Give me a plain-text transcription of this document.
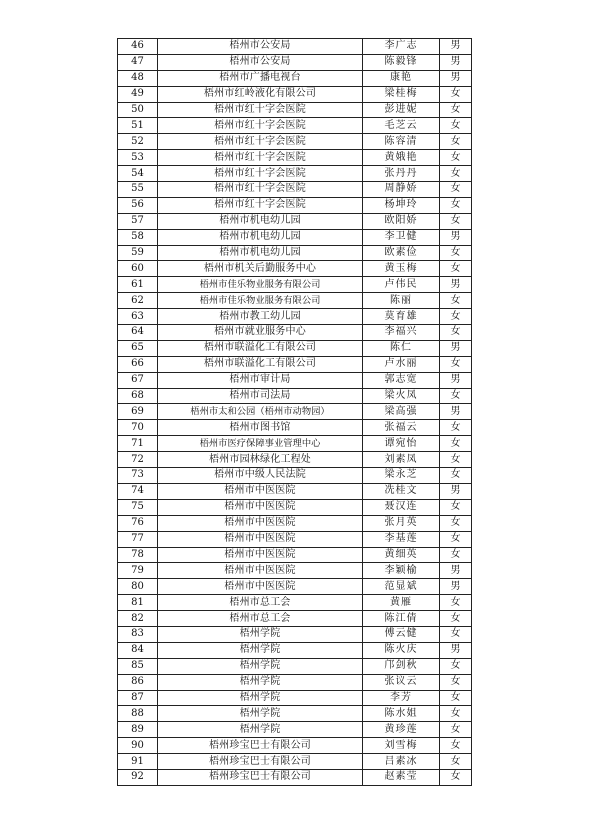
46	梧州市公安局	李广志	男
47	梧州市公安局	陈毅锋	男
48	梧州市广播电视台	康艳	男
49	梧州市红岭液化有限公司	梁桂梅	女
50	梧州市红十字会医院	彭进妮	女
51	梧州市红十字会医院	毛芝云	女
52	梧州市红十字会医院	陈容清	女
53	梧州市红十字会医院	黄娥艳	女
54	梧州市红十字会医院	张丹丹	女
55	梧州市红十字会医院	周静娇	女
56	梧州市红十字会医院	杨坤玲	女
57	梧州市机电幼儿园	欧阳娇	女
58	梧州市机电幼儿园	李卫健	男
59	梧州市机电幼儿园	欧素俭	女
60	梧州市机关后勤服务中心	黄玉梅	女
61	梧州市佳乐物业服务有限公司	卢伟民	男
62	梧州市佳乐物业服务有限公司	陈丽	女
63	梧州市教工幼儿园	莫育雄	女
64	梧州市就业服务中心	李福兴	女
65	梧州市联溢化工有限公司	陈仁	男
66	梧州市联溢化工有限公司	卢水丽	女
67	梧州市审计局	郭志宽	男
68	梧州市司法局	梁火凤	女
69	梧州市太和公园（梧州市动物园）	梁高强	男
70	梧州市图书馆	张福云	女
71	梧州市医疗保障事业管理中心	谭宛怡	女
72	梧州市园林绿化工程处	刘素凤	女
73	梧州市中级人民法院	梁永芝	女
74	梧州市中医医院	冼桂文	男
75	梧州市中医医院	聂汉连	女
76	梧州市中医医院	张月英	女
77	梧州市中医医院	李基莲	女
78	梧州市中医医院	黄细英	女
79	梧州市中医医院	李颖榆	男
80	梧州市中医医院	范显斌	男
81	梧州市总工会	黄雁	女
82	梧州市总工会	陈江倩	女
83	梧州学院	傅云健	女
84	梧州学院	陈火庆	男
85	梧州学院	邝剑秋	女
86	梧州学院	张议云	女
87	梧州学院	李芳	女
88	梧州学院	陈水姐	女
89	梧州学院	黄珍莲	女
90	梧州珍宝巴士有限公司	刘雪梅	女
91	梧州珍宝巴士有限公司	吕素冰	女
92	梧州珍宝巴士有限公司	赵素莹	女
